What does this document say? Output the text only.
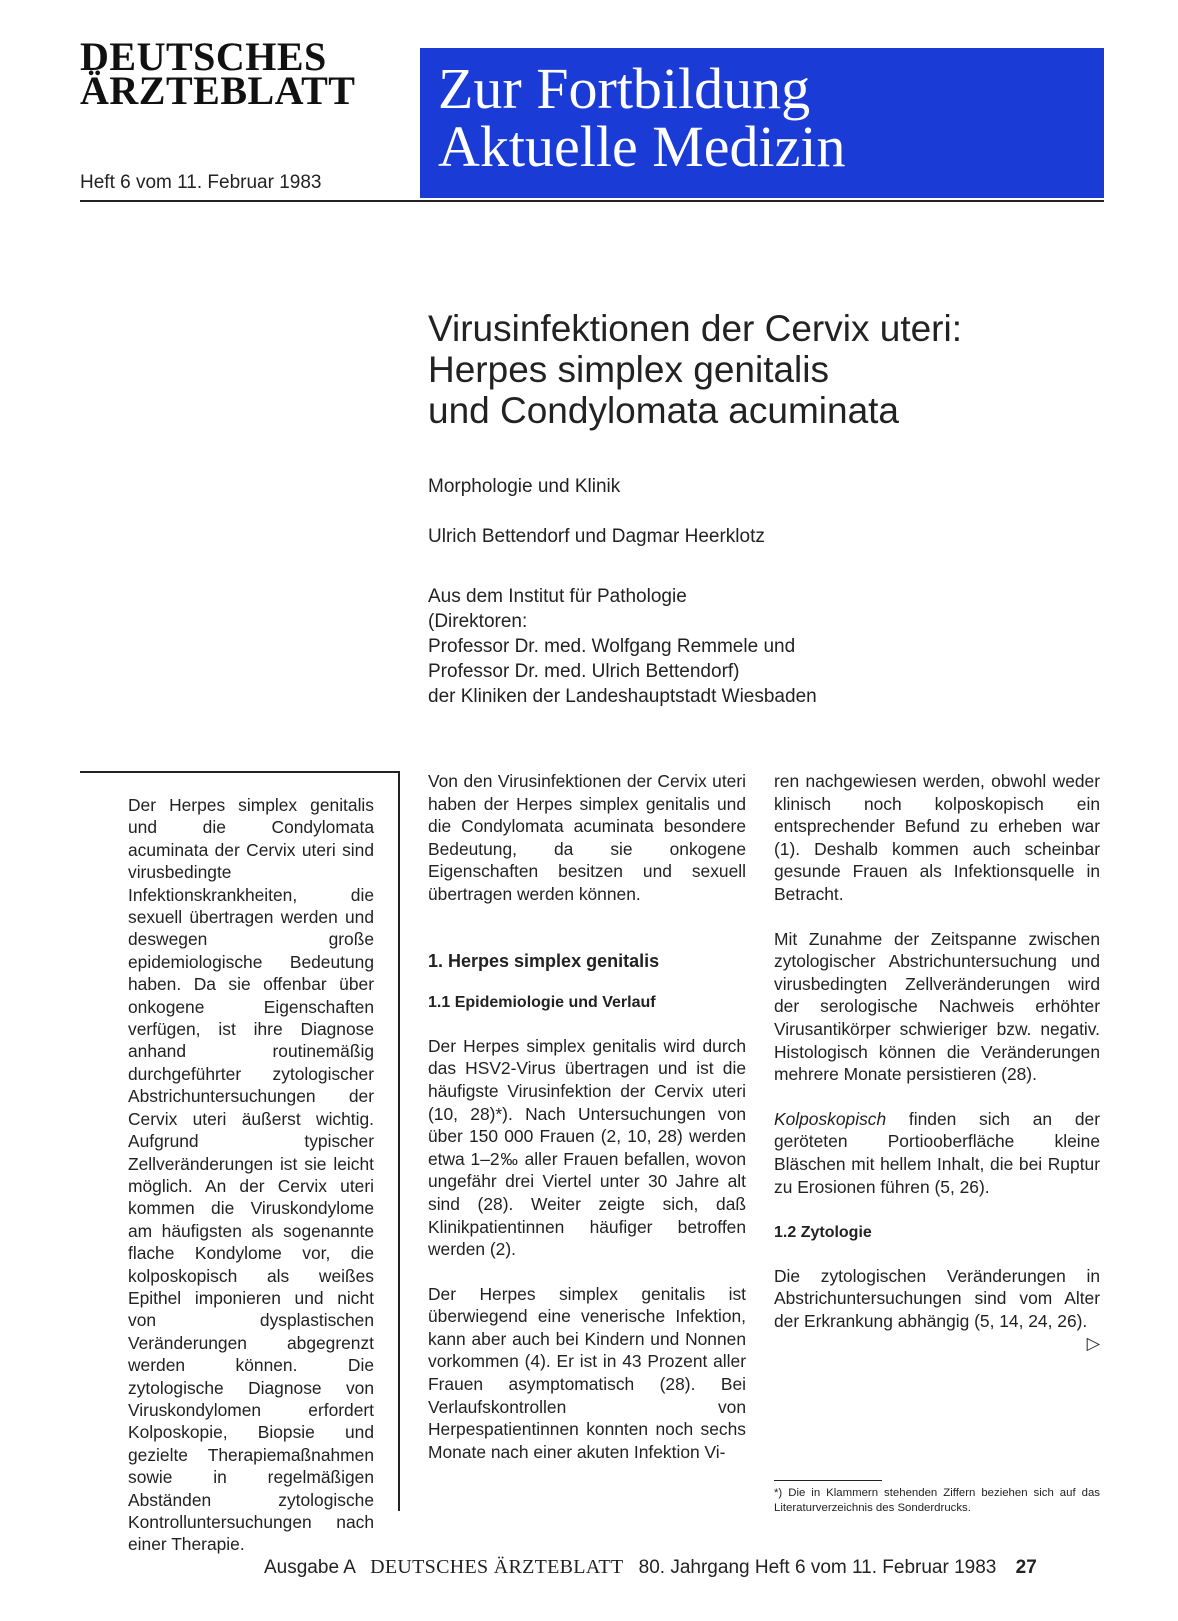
DEUTSCHES
ÄRZTEBLATT
Heft 6 vom 11. Februar 1983
Zur Fortbildung
Aktuelle Medizin
Virusinfektionen der Cervix uteri:
Herpes simplex genitalis
und Condylomata acuminata
Morphologie und Klinik
Ulrich Bettendorf und Dagmar Heerklotz
Aus dem Institut für Pathologie
(Direktoren:
Professor Dr. med. Wolfgang Remmele und
Professor Dr. med. Ulrich Bettendorf)
der Kliniken der Landeshauptstadt Wiesbaden
Der Herpes simplex genitalis und die Condylomata acuminata der Cervix uteri sind virusbedingte Infektionskrankheiten, die sexuell übertragen werden und deswegen große epidemiologische Bedeutung haben. Da sie offenbar über onkogene Eigenschaften verfügen, ist ihre Diagnose anhand routinemäßig durchgeführter zytologischer Abstrichuntersuchungen der Cervix uteri äußerst wichtig. Aufgrund typischer Zellveränderungen ist sie leicht möglich. An der Cervix uteri kommen die Viruskondylome am häufigsten als sogenannte flache Kondylome vor, die kolposkopisch als weißes Epithel imponieren und nicht von dysplastischen Veränderungen abgegrenzt werden können. Die zytologische Diagnose von Viruskondylomen erfordert Kolposkopie, Biopsie und gezielte Therapiemaßnahmen sowie in regelmäßigen Abständen zytologische Kontrolluntersuchungen nach einer Therapie.

Von den Virusinfektionen der Cervix uteri haben der Herpes simplex genitalis und die Condylomata acuminata besondere Bedeutung, da sie onkogene Eigenschaften besitzen und sexuell übertragen werden können.

1. Herpes simplex genitalis

1.1 Epidemiologie und Verlauf

Der Herpes simplex genitalis wird durch das HSV2-Virus übertragen und ist die häufigste Virusinfektion der Cervix uteri (10, 28)*). Nach Untersuchungen von über 150 000 Frauen (2, 10, 28) werden etwa 1–2‰ aller Frauen befallen, wovon ungefähr drei Viertel unter 30 Jahre alt sind (28). Weiter zeigte sich, daß Klinikpatientinnen häufiger betroffen werden (2).

Der Herpes simplex genitalis ist überwiegend eine venerische Infektion, kann aber auch bei Kindern und Nonnen vorkommen (4). Er ist in 43 Prozent aller Frauen asymptomatisch (28). Bei Verlaufskontrollen von Herpespatientinnen konnten noch sechs Monate nach einer akuten Infektion Vi-

ren nachgewiesen werden, obwohl weder klinisch noch kolposkopisch ein entsprechender Befund zu erheben war (1). Deshalb kommen auch scheinbar gesunde Frauen als Infektionsquelle in Betracht.

Mit Zunahme der Zeitspanne zwischen zytologischer Abstrichuntersuchung und virusbedingten Zellveränderungen wird der serologische Nachweis erhöhter Virusantikörper schwieriger bzw. negativ. Histologisch können die Veränderungen mehrere Monate persistieren (28).

Kolposkopisch finden sich an der geröteten Portiooberfläche kleine Bläschen mit hellem Inhalt, die bei Ruptur zu Erosionen führen (5, 26).

1.2 Zytologie

Die zytologischen Veränderungen in Abstrichuntersuchungen sind vom Alter der Erkrankung abhängig (5, 14, 24, 26).
▷

*) Die in Klammern stehenden Ziffern beziehen sich auf das Literaturverzeichnis des Sonderdrucks.
Ausgabe A DEUTSCHES ÄRZTEBLATT 80. Jahrgang Heft 6 vom 11. Februar 1983 27
